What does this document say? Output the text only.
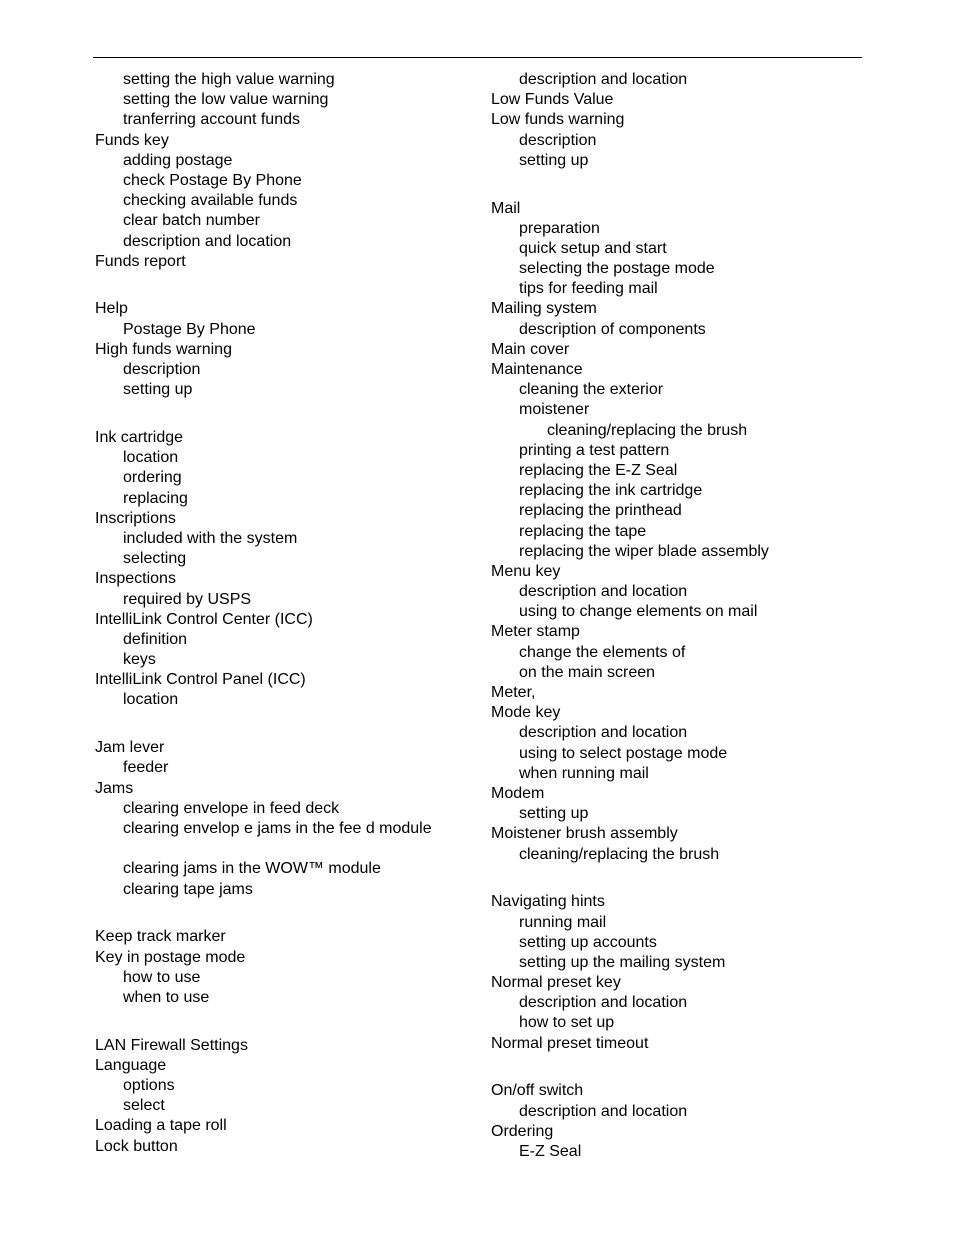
setting the high value warning
setting the low value warning
tranferring account funds
Funds key
adding postage
check Postage By Phone
checking available funds
clear batch number
description and location
Funds report
Help
Postage By Phone
High funds warning
description
setting up
Ink cartridge
location
ordering
replacing
Inscriptions
included with the system
selecting
Inspections
required by USPS
IntelliLink Control Center (ICC)
definition
keys
IntelliLink Control Panel (ICC)
location
Jam lever
feeder
Jams
clearing envelope in feed deck
clearing envelop e jams in the fee d module
clearing jams in the WOW™ module
clearing tape jams
Keep track marker
Key in postage mode
how to use
when to use
LAN Firewall Settings
Language
options
select
Loading a tape roll
Lock button
description and location
Low Funds Value
Low funds warning
description
setting up
Mail
preparation
quick setup and start
selecting the postage mode
tips for feeding mail
Mailing system
description of components
Main cover
Maintenance
cleaning the exterior
moistener
cleaning/replacing the brush
printing a test pattern
replacing the E-Z Seal
replacing the ink cartridge
replacing the printhead
replacing the tape
replacing the wiper blade assembly
Menu key
description and location
using to change elements on mail
Meter stamp
change the elements of
on the main screen
Meter,
Mode key
description and location
using to select postage mode
when running mail
Modem
setting up
Moistener brush assembly
cleaning/replacing the brush
Navigating hints
running mail
setting up accounts
setting up the mailing system
Normal preset key
description and location
how to set up
Normal preset timeout
On/off switch
description and location
Ordering
E-Z Seal
